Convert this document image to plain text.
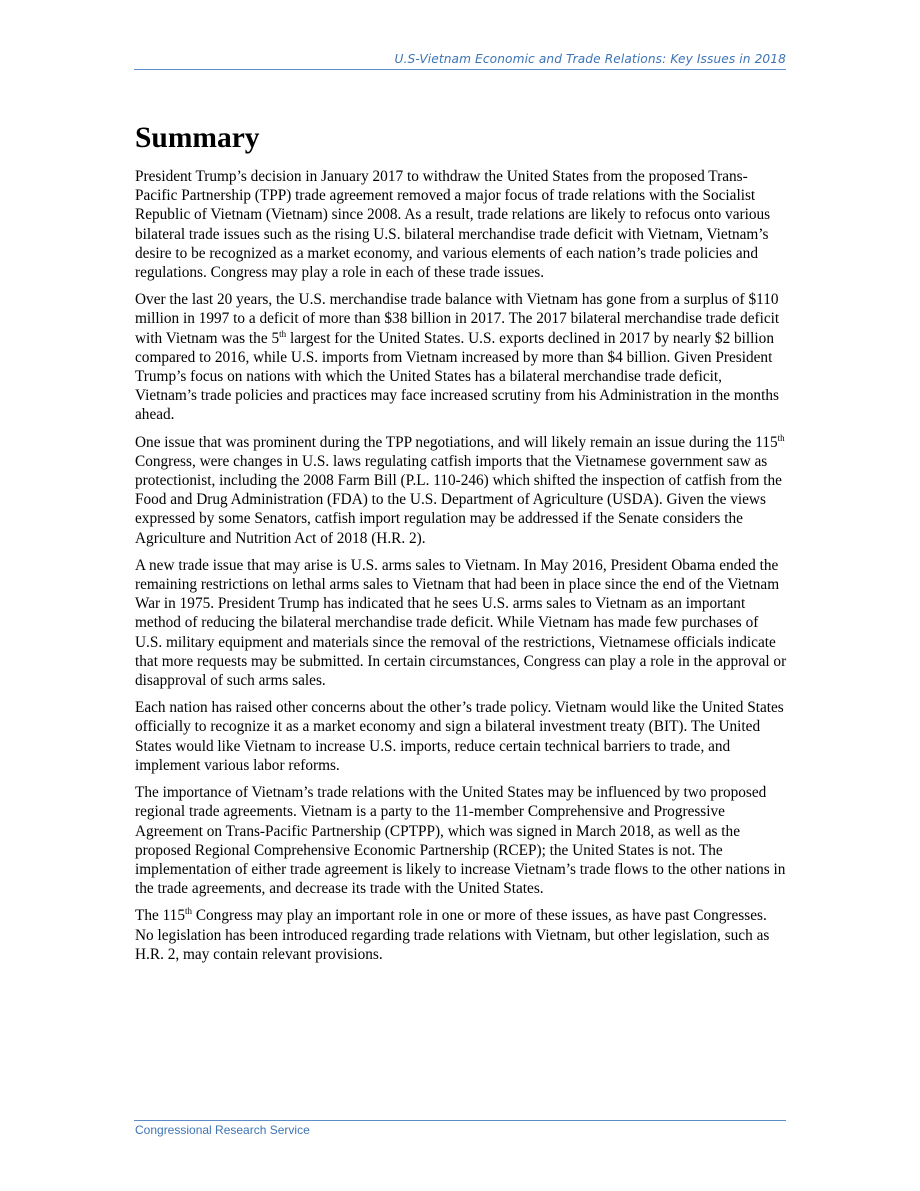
U.S-Vietnam Economic and Trade Relations: Key Issues in 2018
Summary

President Trump’s decision in January 2017 to withdraw the United States from the proposed Trans-Pacific Partnership (TPP) trade agreement removed a major focus of trade relations with the Socialist Republic of Vietnam (Vietnam) since 2008. As a result, trade relations are likely to refocus onto various bilateral trade issues such as the rising U.S. bilateral merchandise trade deficit with Vietnam, Vietnam’s desire to be recognized as a market economy, and various elements of each nation’s trade policies and regulations. Congress may play a role in each of these trade issues.

Over the last 20 years, the U.S. merchandise trade balance with Vietnam has gone from a surplus of $110 million in 1997 to a deficit of more than $38 billion in 2017. The 2017 bilateral merchandise trade deficit with Vietnam was the 5th largest for the United States. U.S. exports declined in 2017 by nearly $2 billion compared to 2016, while U.S. imports from Vietnam increased by more than $4 billion. Given President Trump’s focus on nations with which the United States has a bilateral merchandise trade deficit, Vietnam’s trade policies and practices may face increased scrutiny from his Administration in the months ahead.

One issue that was prominent during the TPP negotiations, and will likely remain an issue during the 115th Congress, were changes in U.S. laws regulating catfish imports that the Vietnamese government saw as protectionist, including the 2008 Farm Bill (P.L. 110-246) which shifted the inspection of catfish from the Food and Drug Administration (FDA) to the U.S. Department of Agriculture (USDA). Given the views expressed by some Senators, catfish import regulation may be addressed if the Senate considers the Agriculture and Nutrition Act of 2018 (H.R. 2).

A new trade issue that may arise is U.S. arms sales to Vietnam. In May 2016, President Obama ended the remaining restrictions on lethal arms sales to Vietnam that had been in place since the end of the Vietnam War in 1975. President Trump has indicated that he sees U.S. arms sales to Vietnam as an important method of reducing the bilateral merchandise trade deficit. While Vietnam has made few purchases of U.S. military equipment and materials since the removal of the restrictions, Vietnamese officials indicate that more requests may be submitted. In certain circumstances, Congress can play a role in the approval or disapproval of such arms sales.

Each nation has raised other concerns about the other’s trade policy. Vietnam would like the United States officially to recognize it as a market economy and sign a bilateral investment treaty (BIT). The United States would like Vietnam to increase U.S. imports, reduce certain technical barriers to trade, and implement various labor reforms.

The importance of Vietnam’s trade relations with the United States may be influenced by two proposed regional trade agreements. Vietnam is a party to the 11-member Comprehensive and Progressive Agreement on Trans-Pacific Partnership (CPTPP), which was signed in March 2018, as well as the proposed Regional Comprehensive Economic Partnership (RCEP); the United States is not. The implementation of either trade agreement is likely to increase Vietnam’s trade flows to the other nations in the trade agreements, and decrease its trade with the United States.

The 115th Congress may play an important role in one or more of these issues, as have past Congresses. No legislation has been introduced regarding trade relations with Vietnam, but other legislation, such as H.R. 2, may contain relevant provisions.

Congressional Research Service
